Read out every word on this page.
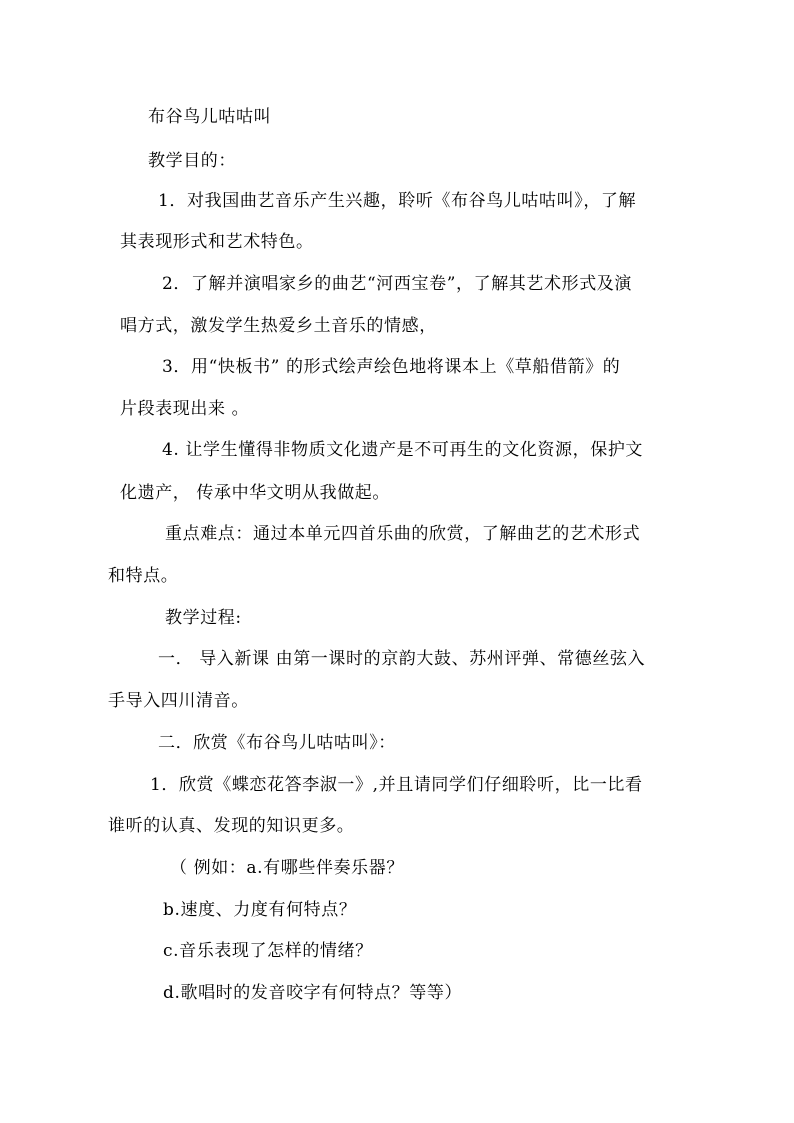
布谷鸟儿咕咕叫
教学目的：
1．对我国曲艺音乐产生兴趣，聆听《布谷鸟儿咕咕叫》，了解
其表现形式和艺术特色。
2．了解并演唱家乡的曲艺“河西宝卷”，了解其艺术形式及演
唱方式，激发学生热爱乡土音乐的情感，
3．用“快板书” 的形式绘声绘色地将课本上《草船借箭》的
片段表现出来 。
4. 让学生懂得非物质文化遗产是不可再生的文化资源，保护文
化遗产， 传承中华文明从我做起。
重点难点：通过本单元四首乐曲的欣赏，了解曲艺的艺术形式
和特点。
教学过程:
一． 导入新课 由第一课时的京韵大鼓、苏州评弹、常德丝弦入
手导入四川清音。
二．欣赏《布谷鸟儿咕咕叫》：
1．欣赏《蝶恋花答李淑一》,并且请同学们仔细聆听，比一比看
谁听的认真、发现的知识更多。
（ 例如：a.有哪些伴奏乐器？
b.速度、力度有何特点？
c.音乐表现了怎样的情绪？
d.歌唱时的发音咬字有何特点？等等）
